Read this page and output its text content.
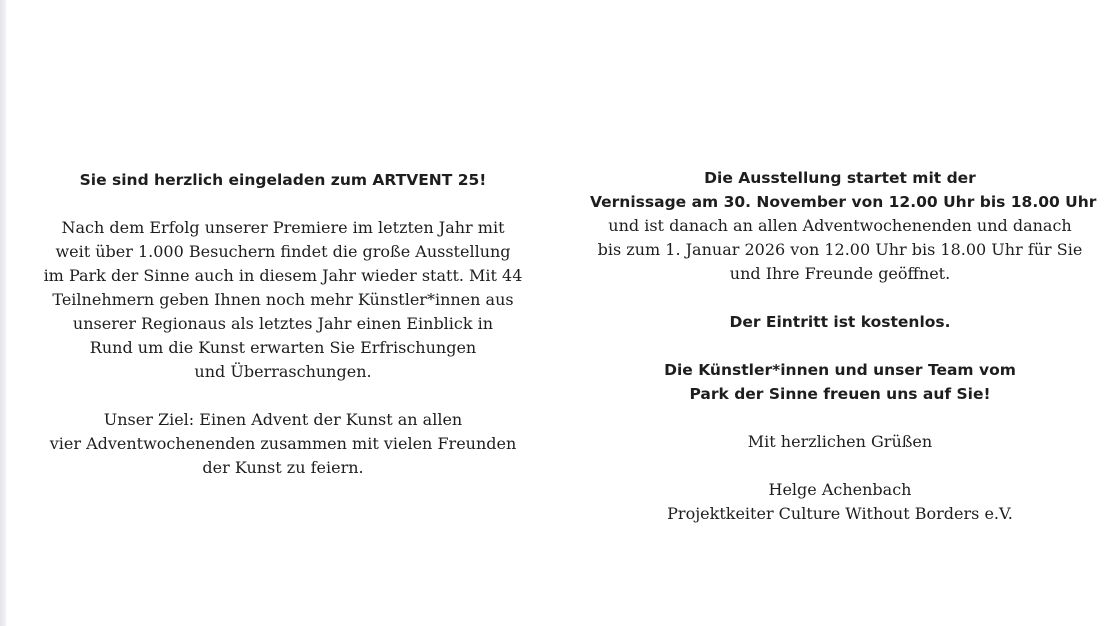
Sie sind herzlich eingeladen zum ARTVENT 25!
Nach dem Erfolg unserer Premiere im letzten Jahr mit
weit über 1.000 Besuchern findet die große Ausstellung
im Park der Sinne auch in diesem Jahr wieder statt. Mit 44
Teilnehmern geben Ihnen noch mehr Künstler*innen aus
unserer Regionaus als letztes Jahr einen Einblick in
Rund um die Kunst erwarten Sie Erfrischungen
und Überraschungen.
Unser Ziel: Einen Advent der Kunst an allen
vier Adventwochenenden zusammen mit vielen Freunden
der Kunst zu feiern.
Die Ausstellung startet mit der
Vernissage am 30. November von 12.00 Uhr bis 18.00 Uhr
und ist danach an allen Adventwochenenden und danach
bis zum 1. Januar 2026 von 12.00 Uhr bis 18.00 Uhr für Sie
und Ihre Freunde geöffnet.
Der Eintritt ist kostenlos.
Die Künstler*innen und unser Team vom
Park der Sinne freuen uns auf Sie!
Mit herzlichen Grüßen
Helge Achenbach
Projektkeiter Culture Without Borders e.V.
